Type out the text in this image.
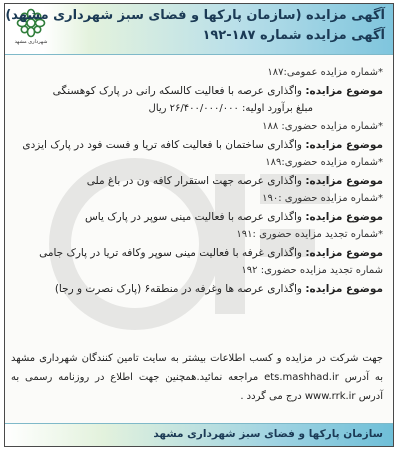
شهرداری مشهد
آگهی مزایده (سازمان پارکها و فضای سبز شهرداری مشهد)
آگهی مزایده شماره ۱۸۷-۱۹۲
*شماره مزایده عمومی:۱۸۷
موضوع مزایده: واگذاری عرصه با فعالیت کالسکه رانی در پارک کوهسنگی
مبلغ برآورد اولیه: ۲۶/۴۰۰/۰۰۰/۰۰۰ ریال
*شماره مزایده حضوری: ۱۸۸
موضوع مزایده: واگذاری ساختمان با فعالیت کافه تریا و فست فود در پارک ایزدی
*شماره مزایده حضوری:۱۸۹
موضوع مزایده: واگذاری عرصه جهت استقرار کافه ون در باغ ملی
*شماره مزایده حضوری :۱۹۰
موضوع مزایده: واگذاری عرصه با فعالیت مینی سوپر در پارک یاس
*شماره تجدید مزایده حضوری :۱۹۱
موضوع مزایده: واگذاری غرفه با فعالیت مینی سوپر وکافه تریا در پارک جامی
شماره تجدید مزایده حضوری: ۱۹۲
موضوع مزایده: واگذاری عرصه ها وغرفه در منطقه۶ (پارک نصرت و رجا)
جهت شرکت در مزایده و کسب اطلاعات بیشتر به سایت تامین کنندگان شهرداری مشهد به آدرس ets.mashhad.ir مراجعه نمائید.همچنین جهت اطلاع در روزنامه رسمی به آدرس www.rrk.ir درج می گردد .
سازمان پارکها و فضای سبز شهرداری مشهد
